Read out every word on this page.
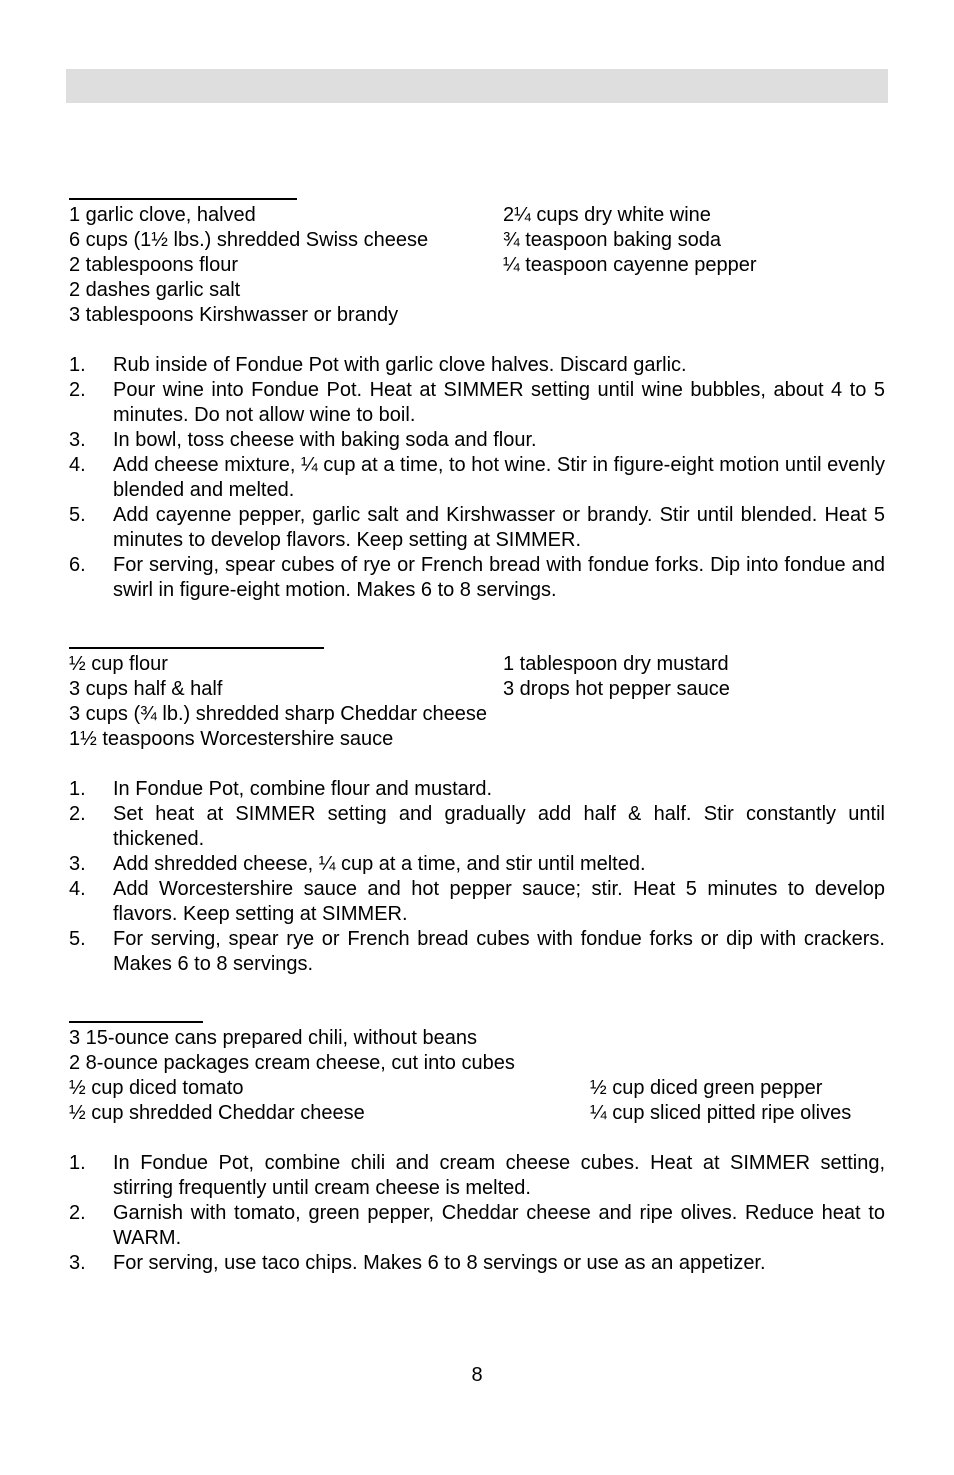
1 garlic clove, halved
6 cups (1½ lbs.) shredded Swiss cheese
2 tablespoons flour
2 dashes garlic salt
3 tablespoons Kirshwasser or brandy
2¼ cups dry white wine
¾ teaspoon baking soda
¼ teaspoon cayenne pepper
1. Rub inside of Fondue Pot with garlic clove halves. Discard garlic.
2. Pour wine into Fondue Pot. Heat at SIMMER setting until wine bubbles, about 4 to 5 minutes. Do not allow wine to boil.
3. In bowl, toss cheese with baking soda and flour.
4. Add cheese mixture, ¼ cup at a time, to hot wine. Stir in figure-eight motion until evenly blended and melted.
5. Add cayenne pepper, garlic salt and Kirshwasser or brandy. Stir until blended. Heat 5 minutes to develop flavors. Keep setting at SIMMER.
6. For serving, spear cubes of rye or French bread with fondue forks. Dip into fondue and swirl in figure-eight motion. Makes 6 to 8 servings.
½ cup flour
3 cups half & half
3 cups (¾ lb.) shredded sharp Cheddar cheese
1½ teaspoons Worcestershire sauce
1 tablespoon dry mustard
3 drops hot pepper sauce
1. In Fondue Pot, combine flour and mustard.
2. Set heat at SIMMER setting and gradually add half & half. Stir constantly until thickened.
3. Add shredded cheese, ¼ cup at a time, and stir until melted.
4. Add Worcestershire sauce and hot pepper sauce; stir. Heat 5 minutes to develop flavors. Keep setting at SIMMER.
5. For serving, spear rye or French bread cubes with fondue forks or dip with crackers. Makes 6 to 8 servings.
3 15-ounce cans prepared chili, without beans
2 8-ounce packages cream cheese, cut into cubes
½ cup diced tomato
½ cup shredded Cheddar cheese
½ cup diced green pepper
¼ cup sliced pitted ripe olives
1. In Fondue Pot, combine chili and cream cheese cubes. Heat at SIMMER setting, stirring frequently until cream cheese is melted.
2. Garnish with tomato, green pepper, Cheddar cheese and ripe olives. Reduce heat to WARM.
3. For serving, use taco chips. Makes 6 to 8 servings or use as an appetizer.
8
